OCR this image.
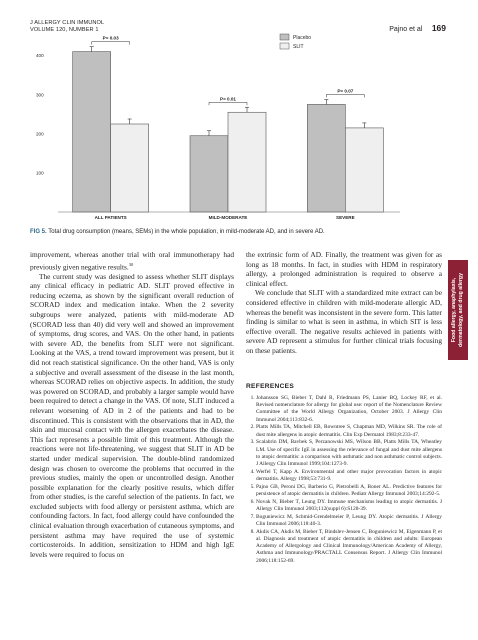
J ALLERGY CLIN IMMUNOL
VOLUME 120, NUMBER 1	Pajno et al 169
400
300
200
100
ALL PATIENTS	MILD-MODERATE	SEVERE
P= 0.03
P= 0.01
P= 0.07
Placebo
SLIT
FIG 5. Total drug consumption (means, SEMs) in the whole population, in mild-moderate AD, and in severe AD.

improvement, whereas another trial with oral immunotherapy had previously given negative results.$^{30}$

The current study was designed to assess whether SLIT displays any clinical efficacy in pediatric AD. SLIT proved effective in reducing eczema, as shown by the significant overall reduction of SCORAD index and medication intake. When the 2 severity subgroups were analyzed, patients with mild-moderate AD (SCORAD less than 40) did very well and showed an improvement of symptoms, drug scores, and VAS. On the other hand, in patients with severe AD, the benefits from SLIT were not significant. Looking at the VAS, a trend toward improvement was present, but it did not reach statistical significance. On the other hand, VAS is only a subjective and overall assessment of the disease in the last month, whereas SCORAD relies on objective aspects. In addition, the study was powered on SCORAD, and probably a larger sample would have been required to detect a change in the VAS. Of note, SLIT induced a relevant worsening of AD in 2 of the patients and had to be discontinued. This is consistent with the observations that in AD, the skin and mucosal contact with the allergen exacerbates the disease. This fact represents a possible limit of this treatment. Although the reactions were not life-threatening, we suggest that SLIT in AD be started under medical supervision. The double-blind randomized design was chosen to overcome the problems that occurred in the previous studies, mainly the open or uncontrolled design. Another possible explanation for the clearly positive results, which differ from other studies, is the careful selection of the patients. In fact, we excluded subjects with food allergy or persistent asthma, which are confounding factors. In fact, food allergy could have confounded the clinical evaluation through exacerbation of cutaneous symptoms, and persistent asthma may have required the use of systemic corticosteroids. In addition, sensitization to HDM and high IgE levels were required to focus on

the extrinsic form of AD. Finally, the treatment was given for as long as 18 months. In fact, in studies with HDM in respiratory allergy, a prolonged administration is required to observe a clinical effect.

We conclude that SLIT with a standardized mite extract can be considered effective in children with mild-moderate allergic AD, whereas the benefit was inconsistent in the severe form. This latter finding is similar to what is seen in asthma, in which SIT is less effective overall. The negative results achieved in patients with severe AD represent a stimulus for further clinical trials focusing on these patients.

REFERENCES
1. Johansson SG, Bieber T, Dahl R, Friedmann PS, Lanier BQ, Lockey RF, et al. Revised nomenclature for allergy for global use: report of the Nomenclature Review Committee of the World Allergy Organization, October 2003. J Allergy Clin Immunol 2004;113:832-6.
2. Platts Mills TA, Mitchell EB, Rowntree S, Chapman MD, Wilkins SR. The role of dust mite allergens in atopic dermatitis. Clin Exp Dermatol 1983;8:233-47.
3. Scalabrin DM, Bavbek S, Perzanowski MS, Wilson BB, Platts Mills TA, Wheatley LM. Use of specific IgE in assessing the relevance of fungal and dust mite allergens to atopic dermatitis: a comparison with asthmatic and non asthmatic control subjects. J Allergy Clin Immunol 1999;104:1273-9.
4. Werfel T, Kapp A. Environmental and other major provocation factors in atopic dermatitis. Allergy 1998;53:731-9.
5. Pajno GB, Peroni DG, Barberio G, Pietrobelli A, Boner AL. Predictive features for persistence of atopic dermatitis in children. Pediatr Allergy Immunol 2003;14:292-5.
6. Novak N, Bieber T, Leung DY. Immune mechanisms leading to atopic dermatitis. J Allergy Clin Immunol 2003;112(suppl 6):S128-39.
7. Boguniewicz M, Schmid-Grendelmeier P, Leung DY. Atopic dermatitis. J Allergy Clin Immunol 2006;118:40-3.
8. Akdis CA, Akdis M, Bieber T, Bindslev-Jensen C, Boguniewicz M, Eigenmann P, et al. Diagnosis and treatment of atopic dermatitis in children and adults: European Academy of Allergology and Clinical Immunology/American Academy of Allergy, Asthma and Immunology/PRACTALL Consensus Report. J Allergy Clin Immunol 2006;118:152-69.
Food allergy, anaphylaxis, dermatology, and drug allergy
